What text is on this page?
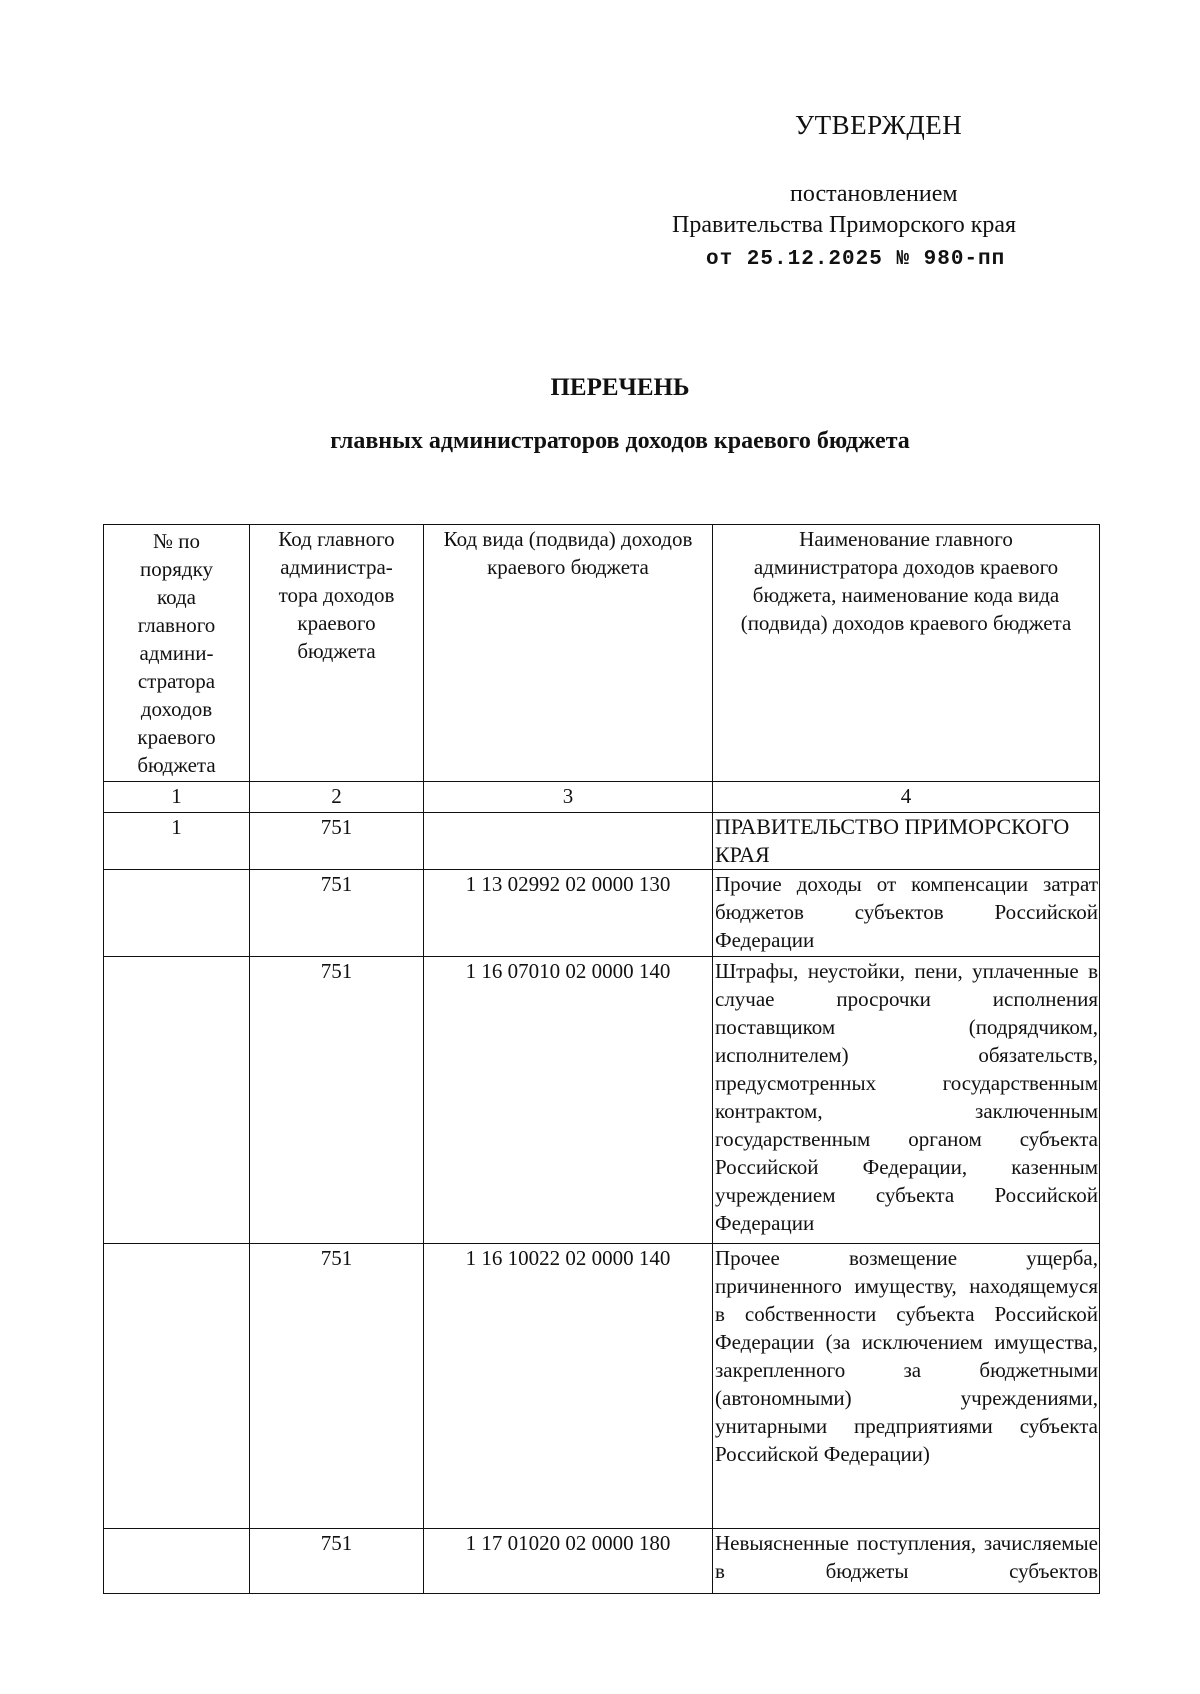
УТВЕРЖДЕН
постановлением
Правительства Приморского края
от 25.12.2025 № 980-пп
ПЕРЕЧЕНЬ
главных администраторов доходов краевого бюджета
№ по порядку кода главного админи-стратора доходов краевого бюджета	Код главного администра-тора доходов краевого бюджета	Код вида (подвида) доходов краевого бюджета	Наименование главного администратора доходов краевого бюджета, наименование кода вида (подвида) доходов краевого бюджета

1	2	3	4
1	751		ПРАВИТЕЛЬСТВО ПРИМОРСКОГО КРАЯ
	751	1 13 02992 02 0000 130	Прочие доходы от компенсации затрат бюджетов субъектов Российской Федерации
	751	1 16 07010 02 0000 140	Штрафы, неустойки, пени, уплаченные в случае просрочки исполнения поставщиком (подрядчиком, исполнителем) обязательств, предусмотренных государственным контрактом, заключенным государственным органом субъекта Российской Федерации, казенным учреждением субъекта Российской Федерации
	751	1 16 10022 02 0000 140	Прочее возмещение ущерба, причиненного имуществу, находящемуся в собственности субъекта Российской Федерации (за исключением имущества, закрепленного за бюджетными (автономными) учреждениями, унитарными предприятиями субъекта Российской Федерации)
	751	1 17 01020 02 0000 180	Невыясненные поступления, зачисляемые в бюджеты субъектов
